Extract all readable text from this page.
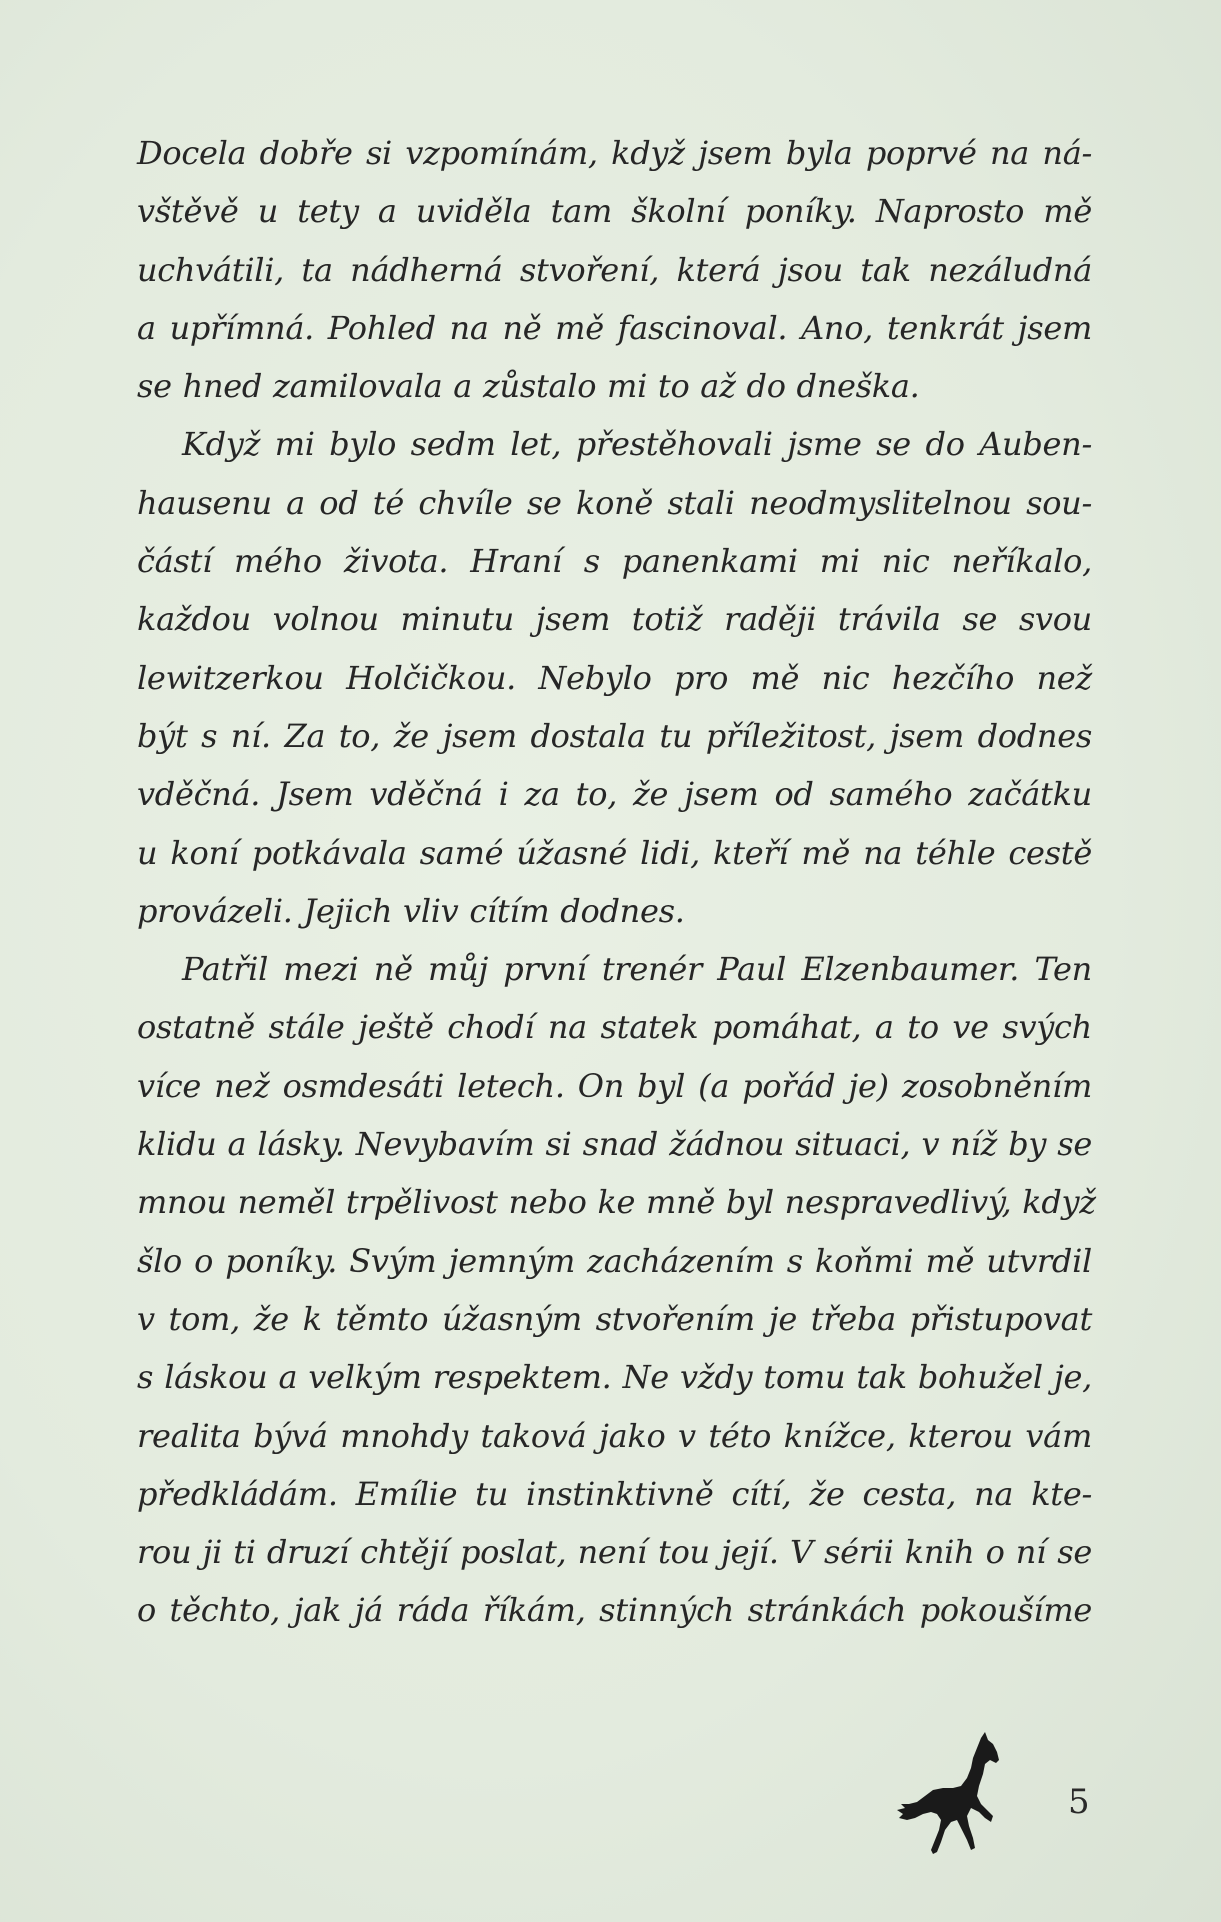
Docela dobře si vzpomínám, když jsem byla poprvé na ná-
vštěvě u tety a uviděla tam školní poníky. Naprosto mě
uchvátili, ta nádherná stvoření, která jsou tak nezáludná
a upřímná. Pohled na ně mě fascinoval. Ano, tenkrát jsem
se hned zamilovala a zůstalo mi to až do dneška.

Když mi bylo sedm let, přestěhovali jsme se do Auben-
hausenu a od té chvíle se koně stali neodmyslitelnou sou-
částí mého života. Hraní s panenkami mi nic neříkalo,
každou volnou minutu jsem totiž raději trávila se svou
lewitzerkou Holčičkou. Nebylo pro mě nic hezčího než
být s ní. Za to, že jsem dostala tu příležitost, jsem dodnes
vděčná. Jsem vděčná i za to, že jsem od samého začátku
u koní potkávala samé úžasné lidi, kteří mě na téhle cestě
provázeli. Jejich vliv cítím dodnes.

Patřil mezi ně můj první trenér Paul Elzenbaumer. Ten
ostatně stále ještě chodí na statek pomáhat, a to ve svých
více než osmdesáti letech. On byl (a pořád je) zosobněním
klidu a lásky. Nevybavím si snad žádnou situaci, v níž by se
mnou neměl trpělivost nebo ke mně byl nespravedlivý, když
šlo o poníky. Svým jemným zacházením s koňmi mě utvrdil
v tom, že k těmto úžasným stvořením je třeba přistupovat
s láskou a velkým respektem. Ne vždy tomu tak bohužel je,
realita bývá mnohdy taková jako v této knížce, kterou vám
předkládám. Emílie tu instinktivně cítí, že cesta, na kte-
rou ji ti druzí chtějí poslat, není tou její. V sérii knih o ní se
o těchto, jak já ráda říkám, stinných stránkách pokoušíme

5
